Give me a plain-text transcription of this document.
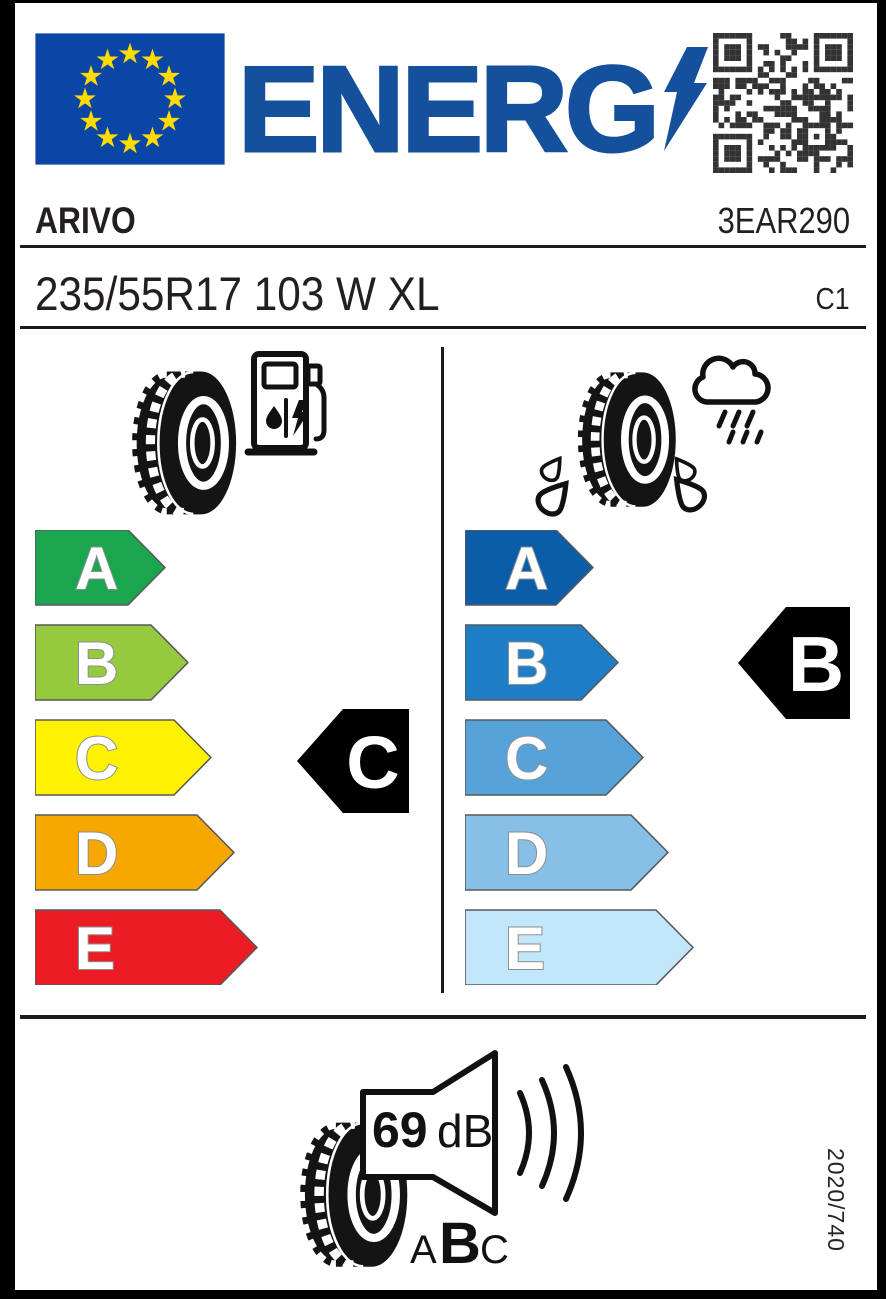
ENERG
ARIVO	3EAR290
235/55R17 103 W XL	C1
A
B
C
D
E
A
B
C
D
E
C
B
69 dB
A B C	2020/740
